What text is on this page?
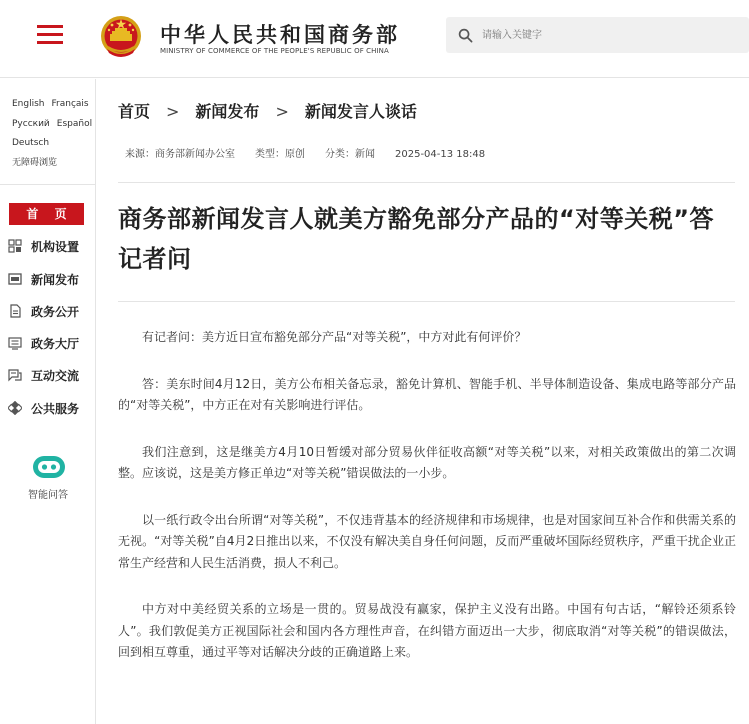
中华人民共和国商务部
MINISTRY OF COMMERCE OF THE PEOPLE'S REPUBLIC OF CHINA
请输入关键字
English Français
Русский Español
Deutsch
无障碍浏览
首 页
机构设置
新闻发布
政务公开
政务大厅
互动交流
公共服务
智能问答
首页 > 新闻发布 > 新闻发言人谈话
来源：商务部新闻办公室 类型：原创 分类：新闻 2025-04-13 18:48
商务部新闻发言人就美方豁免部分产品的“对等关税”答记者问

有记者问：美方近日宣布豁免部分产品“对等关税”，中方对此有何评价？

答：美东时间4月12日，美方公布相关备忘录，豁免计算机、智能手机、半导体制造设备、集成电路等部分产品的“对等关税”，中方正在对有关影响进行评估。

我们注意到，这是继美方4月10日暂缓对部分贸易伙伴征收高额“对等关税”以来，对相关政策做出的第二次调整。应该说，这是美方修正单边“对等关税”错误做法的一小步。

以一纸行政令出台所谓“对等关税”，不仅违背基本的经济规律和市场规律，也是对国家间互补合作和供需关系的无视。“对等关税”自4月2日推出以来，不仅没有解决美自身任何问题，反而严重破坏国际经贸秩序，严重干扰企业正常生产经营和人民生活消费，损人不利己。

中方对中美经贸关系的立场是一贯的。贸易战没有赢家，保护主义没有出路。中国有句古话，“解铃还须系铃人”。我们敦促美方正视国际社会和国内各方理性声音，在纠错方面迈出一大步，彻底取消“对等关税”的错误做法，回到相互尊重，通过平等对话解决分歧的正确道路上来。
